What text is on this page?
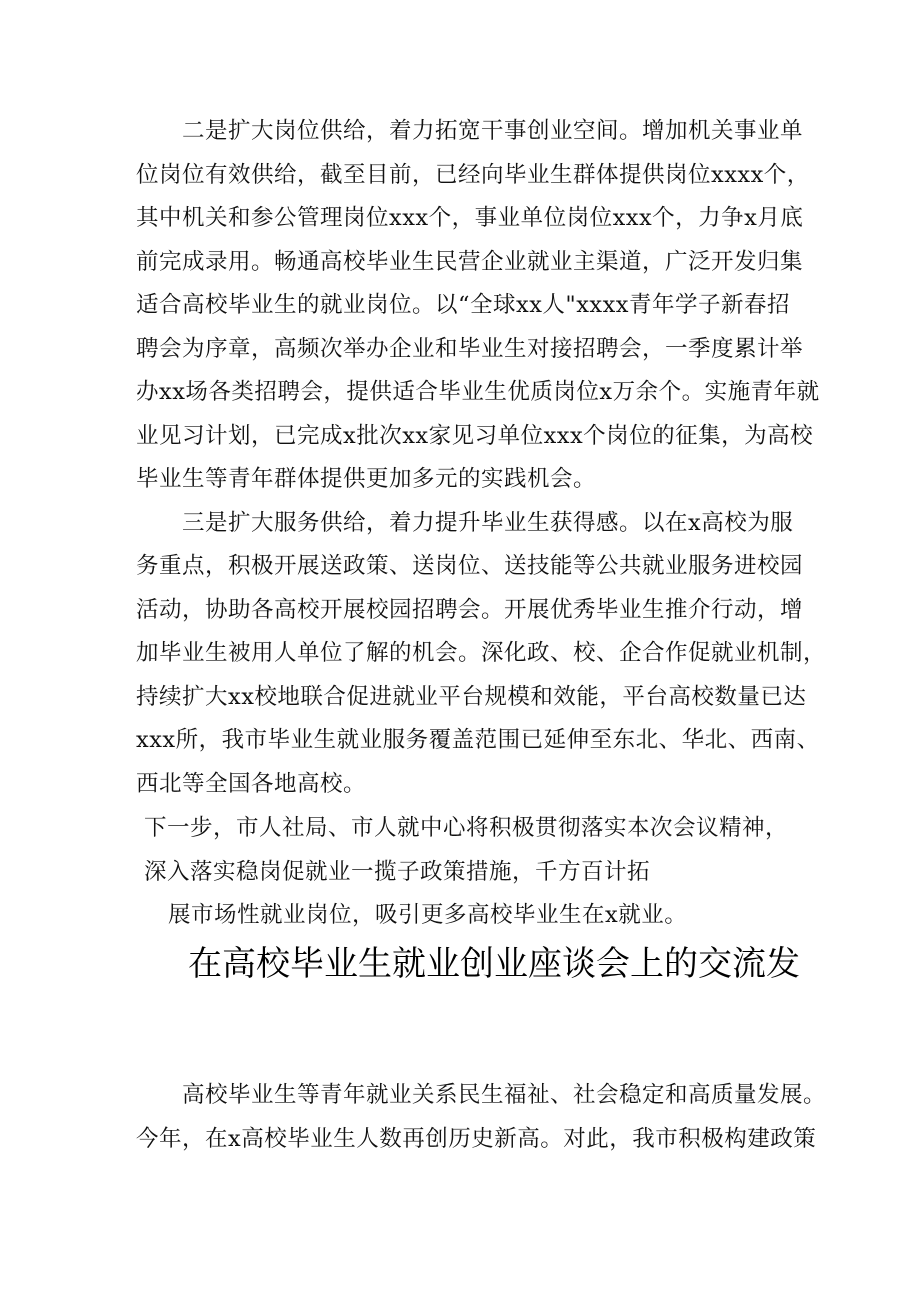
二是扩大岗位供给，着力拓宽干事创业空间。增加机关事业单
位岗位有效供给，截至目前，已经向毕业生群体提供岗位xxxx个，
其中机关和参公管理岗位xxx个，事业单位岗位xxx个，力争x月底
前完成录用。畅通高校毕业生民营企业就业主渠道，广泛开发归集
适合高校毕业生的就业岗位。以“全球xx人"xxxx青年学子新春招
聘会为序章，高频次举办企业和毕业生对接招聘会，一季度累计举
办xx场各类招聘会，提供适合毕业生优质岗位x万余个。实施青年就
业见习计划，已完成x批次xx家见习单位xxx个岗位的征集，为高校
毕业生等青年群体提供更加多元的实践机会。
三是扩大服务供给，着力提升毕业生获得感。以在x高校为服
务重点，积极开展送政策、送岗位、送技能等公共就业服务进校园
活动，协助各高校开展校园招聘会。开展优秀毕业生推介行动，增
加毕业生被用人单位了解的机会。深化政、校、企合作促就业机制，
持续扩大xx校地联合促进就业平台规模和效能，平台高校数量已达
xxx所，我市毕业生就业服务覆盖范围已延伸至东北、华北、西南、
西北等全国各地高校。
下一步，市人社局、市人就中心将积极贯彻落实本次会议精神，
深入落实稳岗促就业一揽子政策措施，千方百计拓
展市场性就业岗位，吸引更多高校毕业生在x就业。
在高校毕业生就业创业座谈会上的交流发
高校毕业生等青年就业关系民生福祉、社会稳定和高质量发展。
今年，在x高校毕业生人数再创历史新高。对此，我市积极构建政策
